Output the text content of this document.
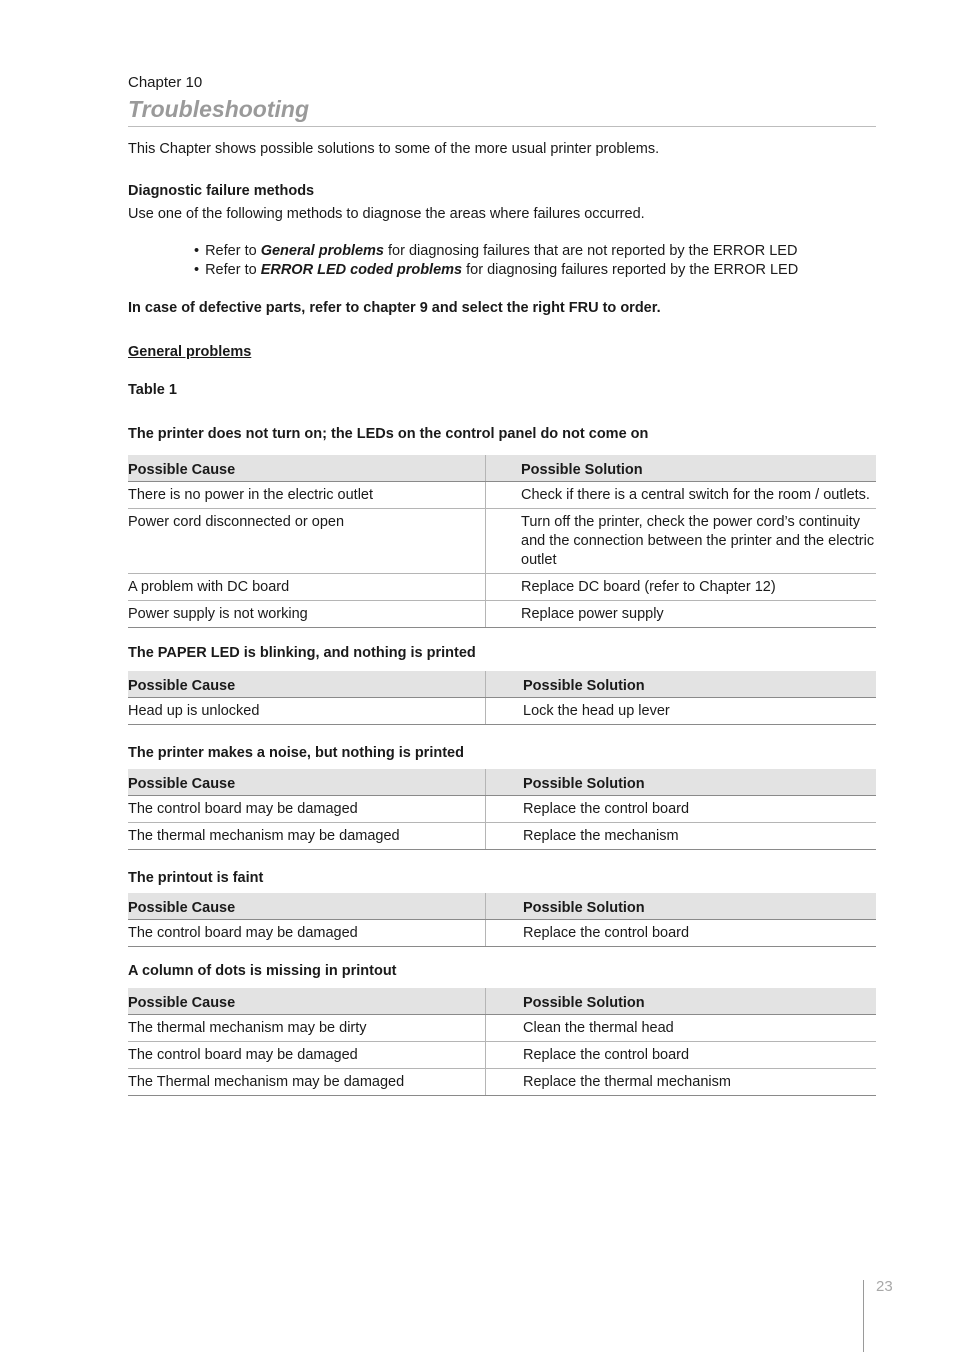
Chapter 10

Troubleshooting

This Chapter shows possible solutions to some of the more usual printer problems.

Diagnostic failure methods

Use one of the following methods to diagnose the areas where failures occurred.

• Refer to General problems for diagnosing failures that are not reported by the ERROR LED
• Refer to ERROR LED coded problems for diagnosing failures reported by the ERROR LED

In case of defective parts, refer to chapter 9 and select the right FRU to order.

General problems

Table 1

The printer does not turn on; the LEDs on the control panel do not come on

Possible Cause	Possible Solution
There is no power in the electric outlet	Check if there is a central switch for the room / outlets.
Power cord disconnected or open	Turn off the printer, check the power cord’s continuity and the connection between the printer and the electric outlet
A problem with DC board	Replace DC board (refer to Chapter 12)
Power supply is not working	Replace power supply

The PAPER LED is blinking, and nothing is printed

Possible Cause	Possible Solution
Head up is unlocked	Lock the head up lever

The printer makes a noise, but nothing is printed

Possible Cause	Possible Solution
The control board may be damaged	Replace the control board
The thermal mechanism may be damaged	Replace the mechanism

The printout is faint

Possible Cause	Possible Solution
The control board may be damaged	Replace the control board

A column of dots is missing in printout

Possible Cause	Possible Solution
The thermal mechanism may be dirty	Clean the thermal head
The control board may be damaged	Replace the control board
The Thermal mechanism may be damaged	Replace the thermal mechanism
23
